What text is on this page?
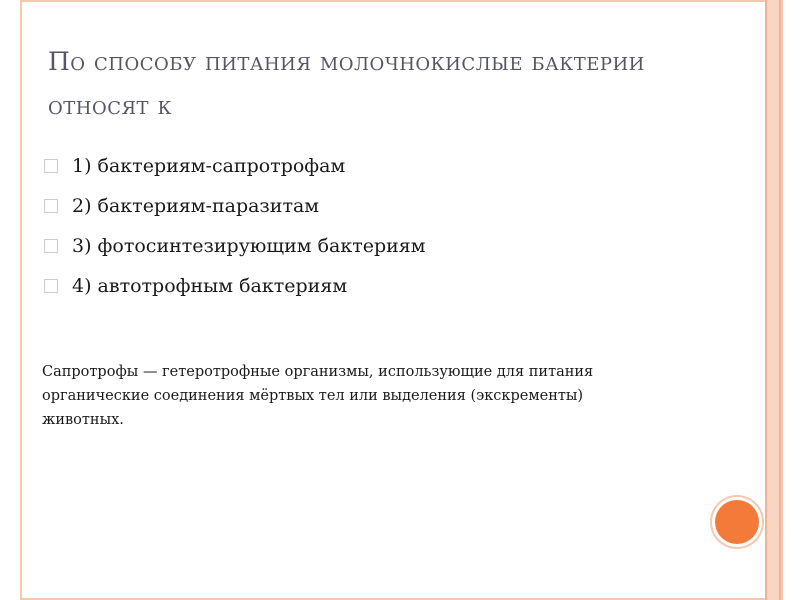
По способу питания молочнокислые бактерии относят к
1) бактериям-сапротрофам
2) бактериям-паразитам
3) фотосинтезирующим бактериям
4) автотрофным бактериям

Сапротрофы — гетеротрофные организмы, использующие для питания органические соединения мёртвых тел или выделения (экскременты) животных.
